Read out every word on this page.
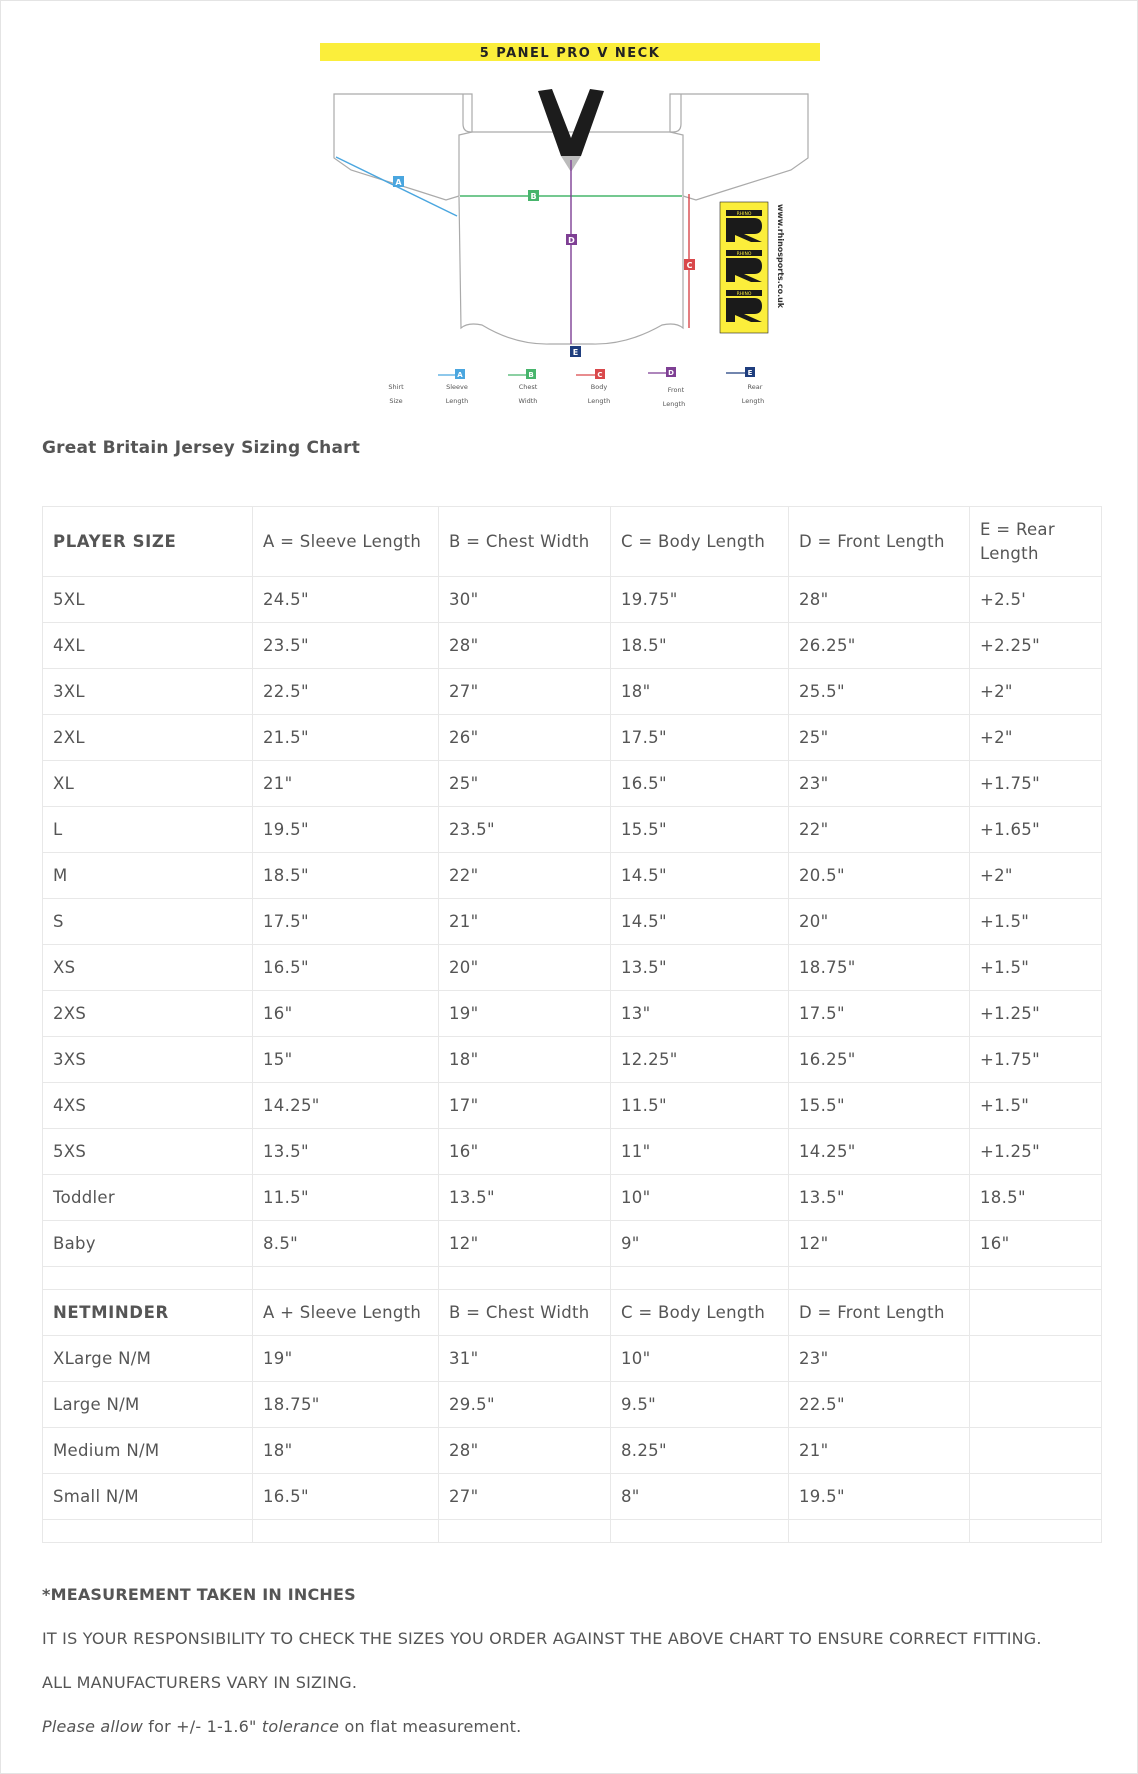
5 PANEL PRO V NECK
A
B
C
D
E
RHINO
RHINO
RHINO	www.rhinosports.co.uk
Shirt
Size
A
Sleeve
Length
B
Chest
Width
C
Body
Length
D
Front
Length
E
Rear
Length
Great Britain Jersey Sizing Chart
PLAYER SIZE	A = Sleeve Length	B = Chest Width	C = Body Length	D = Front Length	E = Rear Length
5XL	24.5"	30"	19.75"	28"	+2.5'
4XL	23.5"	28"	18.5"	26.25"	+2.25"
3XL	22.5"	27"	18"	25.5"	+2"
2XL	21.5"	26"	17.5"	25"	+2"
XL	21"	25"	16.5"	23"	+1.75"
L	19.5"	23.5"	15.5"	22"	+1.65"
M	18.5"	22"	14.5"	20.5"	+2"
S	17.5"	21"	14.5"	20"	+1.5"
XS	16.5"	20"	13.5"	18.75"	+1.5"
2XS	16"	19"	13"	17.5"	+1.25"
3XS	15"	18"	12.25"	16.25"	+1.75"
4XS	14.25"	17"	11.5"	15.5"	+1.5"
5XS	13.5"	16"	11"	14.25"	+1.25"
Toddler	11.5"	13.5"	10"	13.5"	18.5"
Baby	8.5"	12"	9"	12"	16"

NETMINDER	A + Sleeve Length	B = Chest Width	C = Body Length	D = Front Length	
XLarge N/M	19"	31"	10"	23"	
Large N/M	18.75"	29.5"	9.5"	22.5"	
Medium N/M	18"	28"	8.25"	21"	
Small N/M	16.5"	27"	8"	19.5"	

*MEASUREMENT TAKEN IN INCHES

IT IS YOUR RESPONSIBILITY TO CHECK THE SIZES YOU ORDER AGAINST THE ABOVE CHART TO ENSURE CORRECT FITTING.

ALL MANUFACTURERS VARY IN SIZING.

Please allow for +/- 1-1.6" tolerance on flat measurement.
